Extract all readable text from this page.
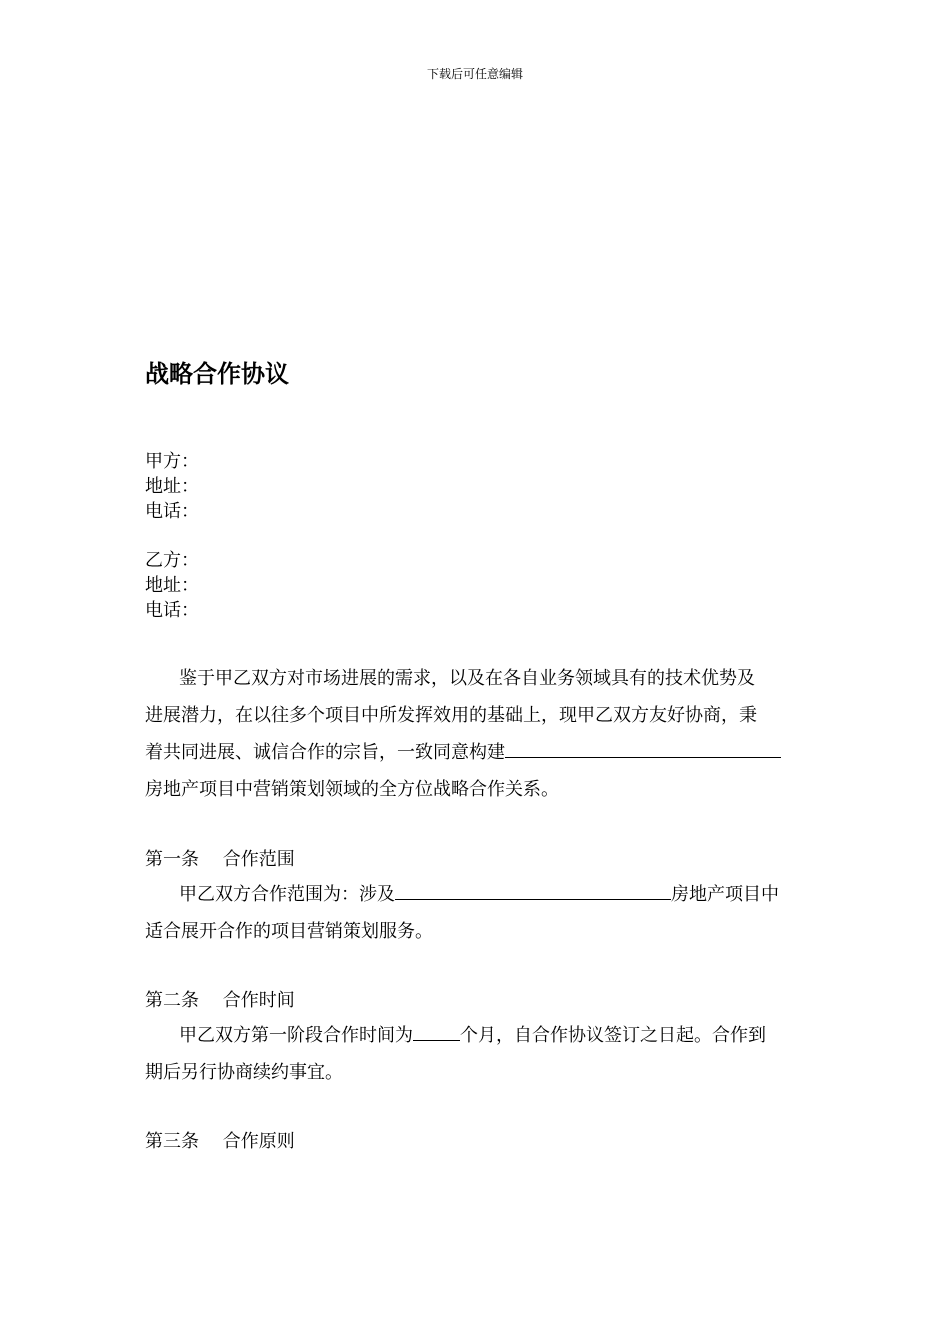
下载后可任意编辑
战略合作协议
甲方：
地址：
电话：
乙方：
地址：
电话：
鉴于甲乙双方对市场进展的需求，以及在各自业务领域具有的技术优势及
进展潜力，在以往多个项目中所发挥效用的基础上，现甲乙双方友好协商，秉
着共同进展、诚信合作的宗旨，一致同意构建
房地产项目中营销策划领域的全方位战略合作关系。
第一条　 合作范围
甲乙双方合作范围为：涉及	房地产项目中
适合展开合作的项目营销策划服务。
第二条　 合作时间
甲乙双方第一阶段合作时间为	个月，自合作协议签订之日起。合作到
期后另行协商续约事宜。
第三条　 合作原则
